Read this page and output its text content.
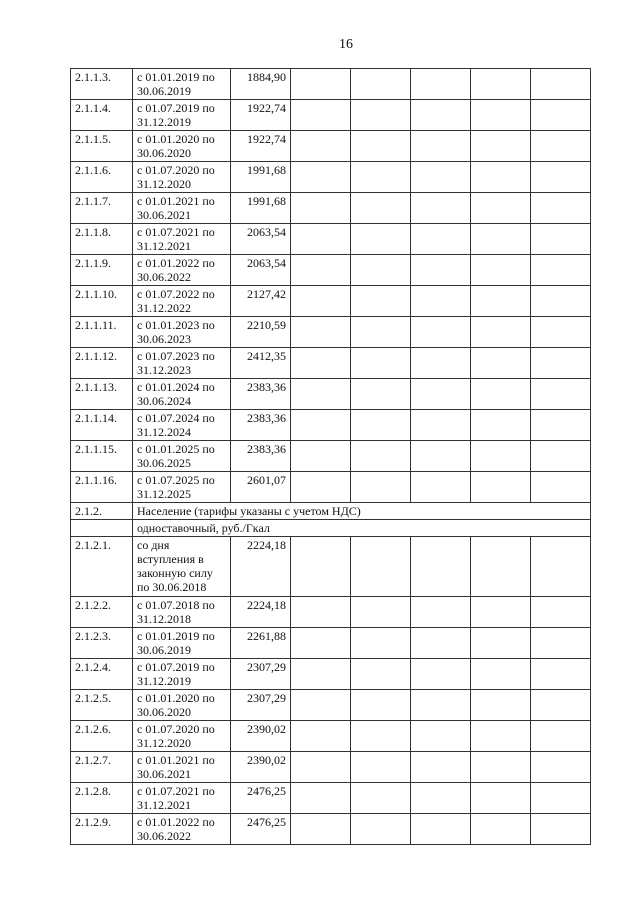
16
2.1.1.3.	с 01.01.2019 по 30.06.2019	1884,90					
2.1.1.4.	с 01.07.2019 по 31.12.2019	1922,74					
2.1.1.5.	с 01.01.2020 по 30.06.2020	1922,74					
2.1.1.6.	с 01.07.2020 по 31.12.2020	1991,68					
2.1.1.7.	с 01.01.2021 по 30.06.2021	1991,68					
2.1.1.8.	с 01.07.2021 по 31.12.2021	2063,54					
2.1.1.9.	с 01.01.2022 по 30.06.2022	2063,54					
2.1.1.10.	с 01.07.2022 по 31.12.2022	2127,42					
2.1.1.11.	с 01.01.2023 по 30.06.2023	2210,59					
2.1.1.12.	с 01.07.2023 по 31.12.2023	2412,35					
2.1.1.13.	с 01.01.2024 по 30.06.2024	2383,36					
2.1.1.14.	с 01.07.2024 по 31.12.2024	2383,36					
2.1.1.15.	с 01.01.2025 по 30.06.2025	2383,36					
2.1.1.16.	с 01.07.2025 по 31.12.2025	2601,07					
2.1.2.	Население (тарифы указаны с учетом НДС)						
	одноставочный, руб./Гкал						
2.1.2.1.	со дня вступления в законную силу по 30.06.2018	2224,18					
2.1.2.2.	с 01.07.2018 по 31.12.2018	2224,18					
2.1.2.3.	с 01.01.2019 по 30.06.2019	2261,88					
2.1.2.4.	с 01.07.2019 по 31.12.2019	2307,29					
2.1.2.5.	с 01.01.2020 по 30.06.2020	2307,29					
2.1.2.6.	с 01.07.2020 по 31.12.2020	2390,02					
2.1.2.7.	с 01.01.2021 по 30.06.2021	2390,02					
2.1.2.8.	с 01.07.2021 по 31.12.2021	2476,25					
2.1.2.9.	с 01.01.2022 по 30.06.2022	2476,25					
